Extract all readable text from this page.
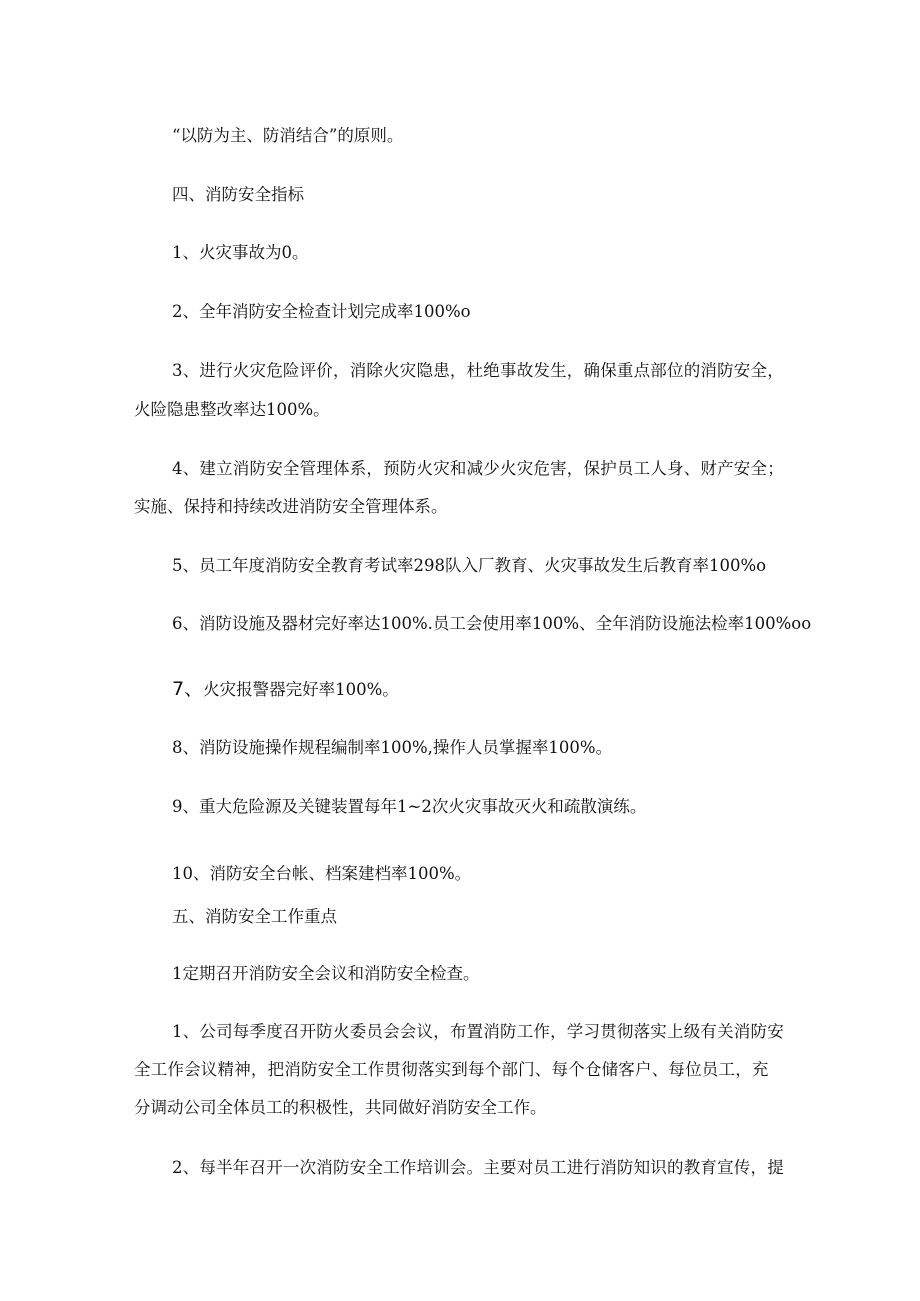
“以防为主、防消结合”的原则。

四、消防安全指标

1、火灾事故为0。

2、全年消防安全检查计划完成率100%o

3、进行火灾危险评价，消除火灾隐患，杜绝事故发生，确保重点部位的消防安全，

火险隐患整改率达100%。

4、建立消防安全管理体系，预防火灾和减少火灾危害，保护员工人身、财产安全；

实施、保持和持续改进消防安全管理体系。

5、员工年度消防安全教育考试率298队入厂教育、火灾事故发生后教育率100%o

6、消防设施及器材完好率达100%.员工会使用率100%、全年消防设施法检率100%oo

7、火灾报警器完好率100%。

8、消防设施操作规程编制率100%,操作人员掌握率100%。

9、重大危险源及关键装置每年1~2次火灾事故灭火和疏散演练。

10、消防安全台帐、档案建档率100%。

五、消防安全工作重点

1定期召开消防安全会议和消防安全检查。

1、公司每季度召开防火委员会会议，布置消防工作，学习贯彻落实上级有关消防安

全工作会议精神，把消防安全工作贯彻落实到每个部门、每个仓储客户、每位员工，充

分调动公司全体员工的积极性，共同做好消防安全工作。

2、每半年召开一次消防安全工作培训会。主要对员工进行消防知识的教育宣传，提
